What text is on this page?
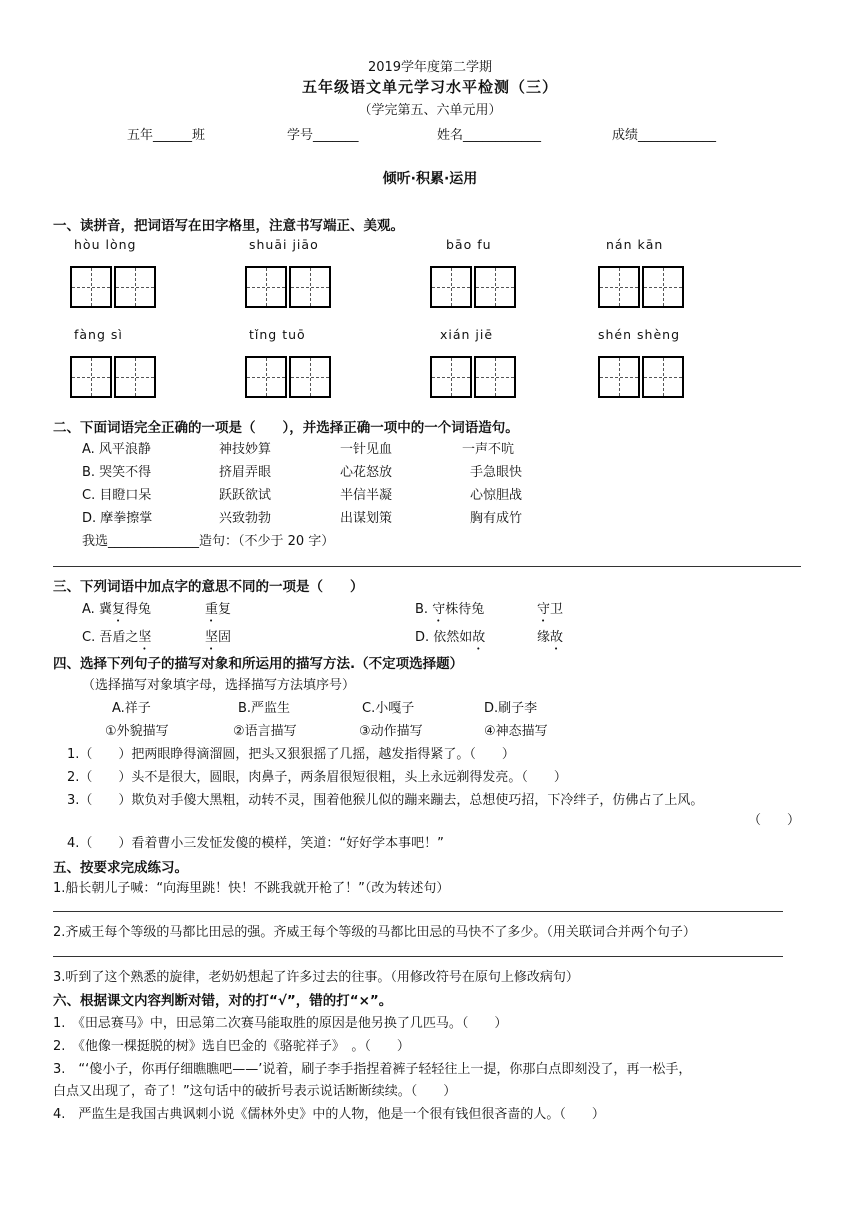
2019学年度第二学期
五年级语文单元学习水平检测（三）
（学完第五、六单元用）
五年______班	学号_______	姓名____________	成绩____________
倾听·积累·运用
一、读拼音，把词语写在田字格里，注意书写端正、美观。
hòu lòng	shuāi jiāo	bāo fu	nán kān
fàng sì	tǐng tuō	xián jiē	shén shèng
二、下面词语完全正确的一项是（　　），并选择正确一项中的一个词语造句。
A. 风平浪静	神技妙算	一针见血	一声不吭
B. 哭笑不得	挤眉弄眼	心花怒放	手急眼快
C. 目瞪口呆	跃跃欲试	半信半凝	心惊胆战
D. 摩拳擦掌	兴致勃勃	出谋划策	胸有成竹
我选______________造句：（不少于 20 字）
三、下列词语中加点字的意思不同的一项是（　　）
A. 冀复得兔	重复	B. 守株待兔	守卫
C. 吾盾之坚	坚固	D. 依然如故	缘故
四、选择下列句子的描写对象和所运用的描写方法.（不定项选择题）
（选择描写对象填字母，选择描写方法填序号）
A.祥子	B.严监生	C.小嘎子	D.刷子李
①外貌描写	②语言描写	③动作描写	④神态描写
1.（　　）把两眼睁得滴溜圆，把头又狠狠摇了几摇，越发指得紧了。（　　）
2.（　　）头不是很大，圆眼，肉鼻子，两条眉很短很粗，头上永远剃得发亮。（　　）
3.（　　）欺负对手傻大黑粗，动转不灵，围着他猴儿似的蹦来蹦去，总想使巧招，下冷绊子，仿佛占了上风。
（　　）
4.（　　）看着曹小三发怔发傻的模样，笑道：“好好学本事吧！”
五、按要求完成练习。
1.船长朝儿子喊：“向海里跳！快！不跳我就开枪了！”（改为转述句）
2.齐威王每个等级的马都比田忌的强。齐威王每个等级的马都比田忌的马快不了多少。（用关联词合并两个句子）
3.听到了这个熟悉的旋律，老奶奶想起了许多过去的往事。（用修改符号在原句上修改病句）
六、根据课文内容判断对错，对的打“√”，错的打“×”。
1.　《田忌赛马》中，田忌第二次赛马能取胜的原因是他另换了几匹马。（　　）
2.　《他像一棵挺脱的树》选自巴金的《骆驼祥子》　。（　　）
3.　“‘傻小子，你再仔细瞧瞧吧——’说着，刷子李手指捏着裤子轻轻往上一提，你那白点即刻没了，再一松手，
白点又出现了，奇了！”这句话中的破折号表示说话断断续续。（　　）
4.　严监生是我国古典讽刺小说《儒林外史》中的人物，他是一个很有钱但很吝啬的人。（　　）
